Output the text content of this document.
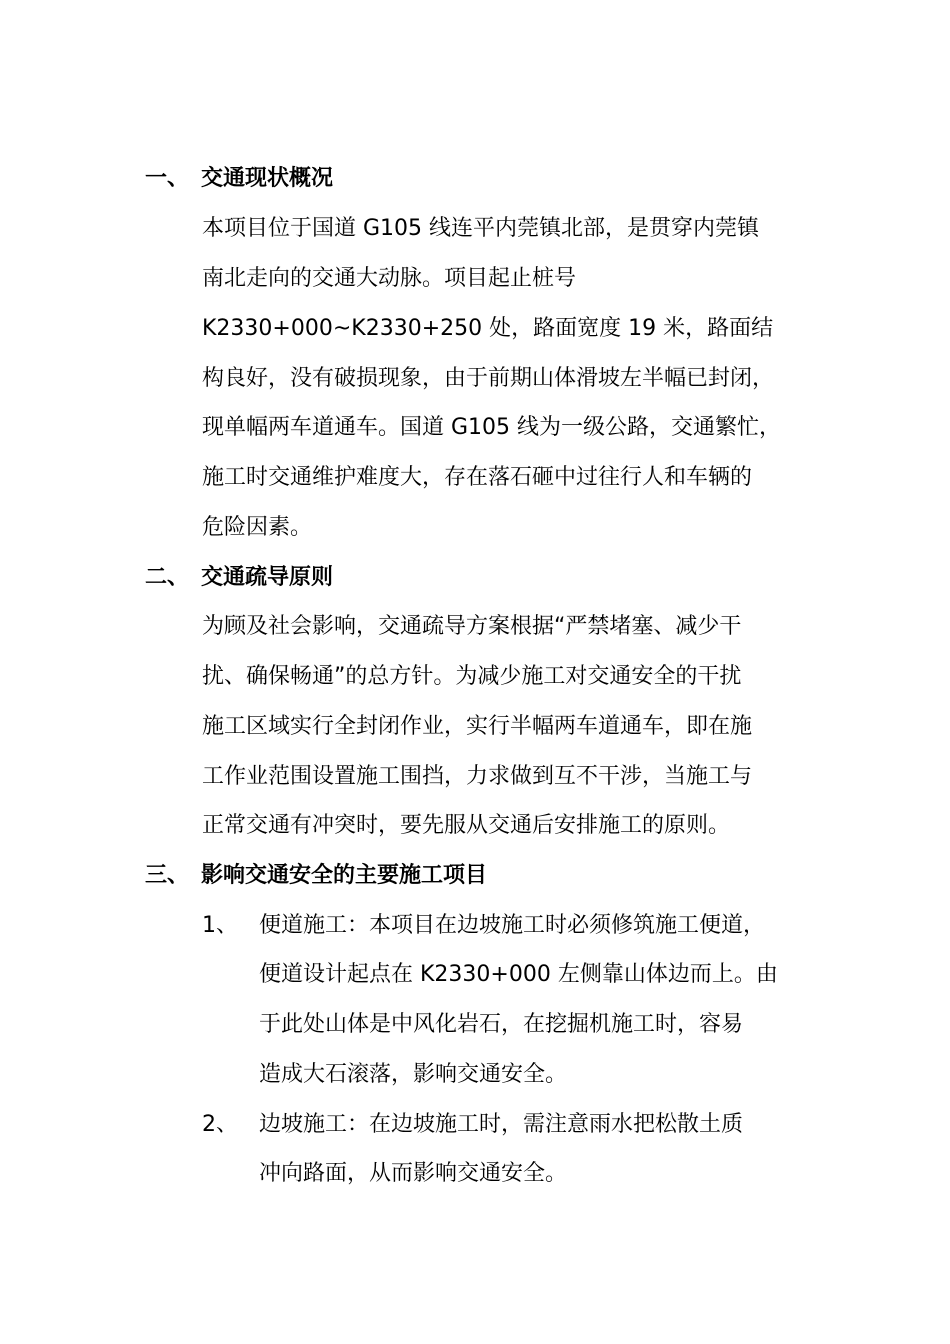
一、 交通现状概况
本项目位于国道 G105 线连平内莞镇北部，是贯穿内莞镇
南北走向的交通大动脉。项目起止桩号
K2330+000~K2330+250 处，路面宽度 19 米，路面结
构良好，没有破损现象，由于前期山体滑坡左半幅已封闭，
现单幅两车道通车。国道 G105 线为一级公路，交通繁忙，
施工时交通维护难度大，存在落石砸中过往行人和车辆的
危险因素。
二、 交通疏导原则
为顾及社会影响，交通疏导方案根据“严禁堵塞、减少干
扰、确保畅通”的总方针。为减少施工对交通安全的干扰
施工区域实行全封闭作业，实行半幅两车道通车，即在施
工作业范围设置施工围挡，力求做到互不干涉，当施工与
正常交通有冲突时，要先服从交通后安排施工的原则。
三、 影响交通安全的主要施工项目
1、 便道施工：本项目在边坡施工时必须修筑施工便道，
便道设计起点在 K2330+000 左侧靠山体边而上。由
于此处山体是中风化岩石，在挖掘机施工时，容易
造成大石滚落，影响交通安全。
2、 边坡施工：在边坡施工时，需注意雨水把松散土质
冲向路面，从而影响交通安全。
